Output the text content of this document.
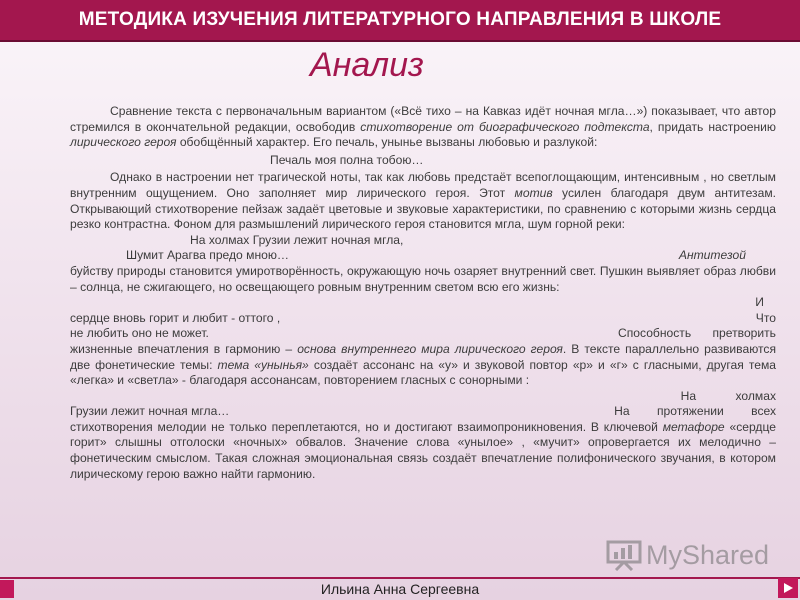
МЕТОДИКА ИЗУЧЕНИЯ ЛИТЕРАТУРНОГО НАПРАВЛЕНИЯ В ШКОЛЕ
Анализ

Сравнение текста с первоначальным вариантом («Всё тихо – на Кавказ идёт ночная мгла…») показывает, что автор стремился в окончательной редакции, освободив стихотворение от биографического подтекста, придать настроению лирического героя обобщённый характер. Его печаль, унынье вызваны любовью и разлукой:

Печаль моя полна тобою…

Однако в настроении нет трагической ноты, так как любовь предстаёт всепоглощающим, интенсивным , но светлым внутренним ощущением. Оно заполняет мир лирического героя. Этот мотив усилен благодаря двум антитезам. Открывающий стихотворение пейзаж задаёт цветовые и звуковые характеристики, по сравнению с которыми жизнь сердца резко контрастна. Фоном для размышлений лирического героя становится мгла, шум горной реки:

На холмах Грузии лежит ночная мгла,

Шумит Арагва предо мною…	Антитезой

буйству природы становится умиротворённость, окружающую ночь озаряет внутренний свет. Пушкин выявляет образ любви – солнца, не сжигающего, но освещающего ровным внутренним светом всю его жизнь:

И

сердце вновь горит и любит - оттого ,	Что
не любить оно не может.	Способность претворить

жизненные впечатления в гармонию – основа внутреннего мира лирического героя. В тексте параллельно развиваются две фонетические темы: тема «унынья» создаёт ассонанс на «у» и звуковой повтор «р» и «г» с гласными, другая тема «легка» и «светла» - благодаря ассонансам, повторением гласных с сонорными :

На холмах

Грузии лежит ночная мгла…	На протяжении всех

стихотворения мелодии не только переплетаются, но и достигают взаимопроникновения. В ключевой метафоре «сердце горит» слышны отголоски «ночных» обвалов. Значение слова «унылое» , «мучит» опровергается их мелодично – фонетическим смыслом. Такая сложная эмоциональная связь создаёт впечатление полифонического звучания, в котором лирическому герою важно найти гармонию.

MyShared
Ильина Анна Сергеевна
